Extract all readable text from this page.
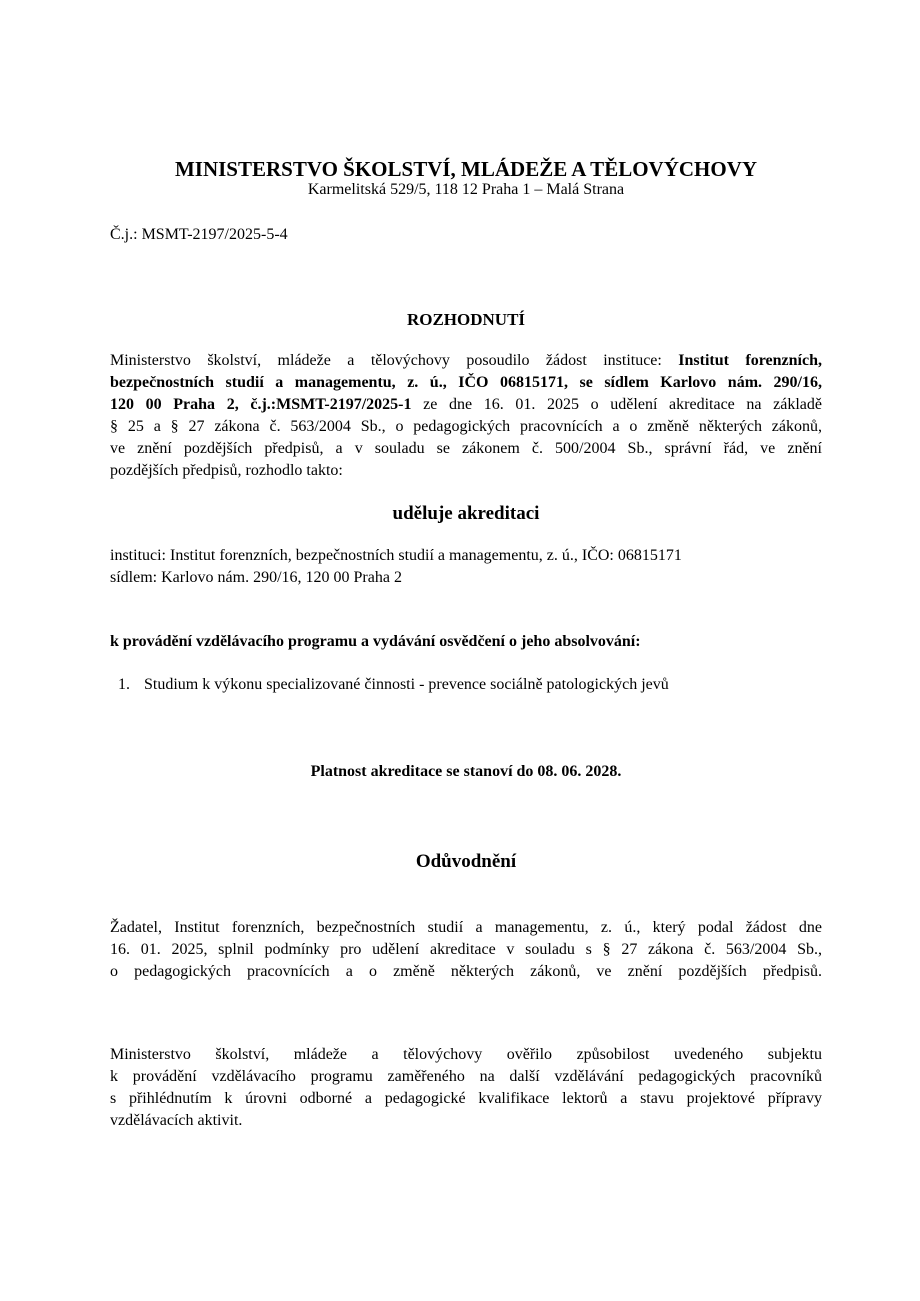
MINISTERSTVO ŠKOLSTVÍ, MLÁDEŽE A TĚLOVÝCHOVY
Karmelitská 529/5, 118 12 Praha 1 – Malá Strana
Č.j.: MSMT-2197/2025-5-4
ROZHODNUTÍ
Ministerstvo školství, mládeže a tělovýchovy posoudilo žádost instituce: Institut forenzních,
bezpečnostních studií a managementu, z. ú., IČO 06815171, se sídlem Karlovo nám. 290/16,
120 00 Praha 2, č.j.:MSMT-2197/2025-1 ze dne 16. 01. 2025 o udělení akreditace na základě
§ 25 a § 27 zákona č. 563/2004 Sb., o pedagogických pracovnících a o změně některých zákonů,
ve znění pozdějších předpisů, a v souladu se zákonem č. 500/2004 Sb., správní řád, ve znění
pozdějších předpisů, rozhodlo takto:
uděluje akreditaci
instituci: Institut forenzních, bezpečnostních studií a managementu, z. ú., IČO: 06815171
sídlem: Karlovo nám. 290/16, 120 00 Praha 2
k provádění vzdělávacího programu a vydávání osvědčení o jeho absolvování:
1. Studium k výkonu specializované činnosti - prevence sociálně patologických jevů
Platnost akreditace se stanoví do 08. 06. 2028.
Odůvodnění
Žadatel, Institut forenzních, bezpečnostních studií a managementu, z. ú., který podal žádost dne
16. 01. 2025, splnil podmínky pro udělení akreditace v souladu s § 27 zákona č. 563/2004 Sb.,
o pedagogických pracovnících a o změně některých zákonů, ve znění pozdějších předpisů.
Ministerstvo školství, mládeže a tělovýchovy ověřilo způsobilost uvedeného subjektu
k provádění vzdělávacího programu zaměřeného na další vzdělávání pedagogických pracovníků
s přihlédnutím k úrovni odborné a pedagogické kvalifikace lektorů a stavu projektové přípravy
vzdělávacích aktivit.
